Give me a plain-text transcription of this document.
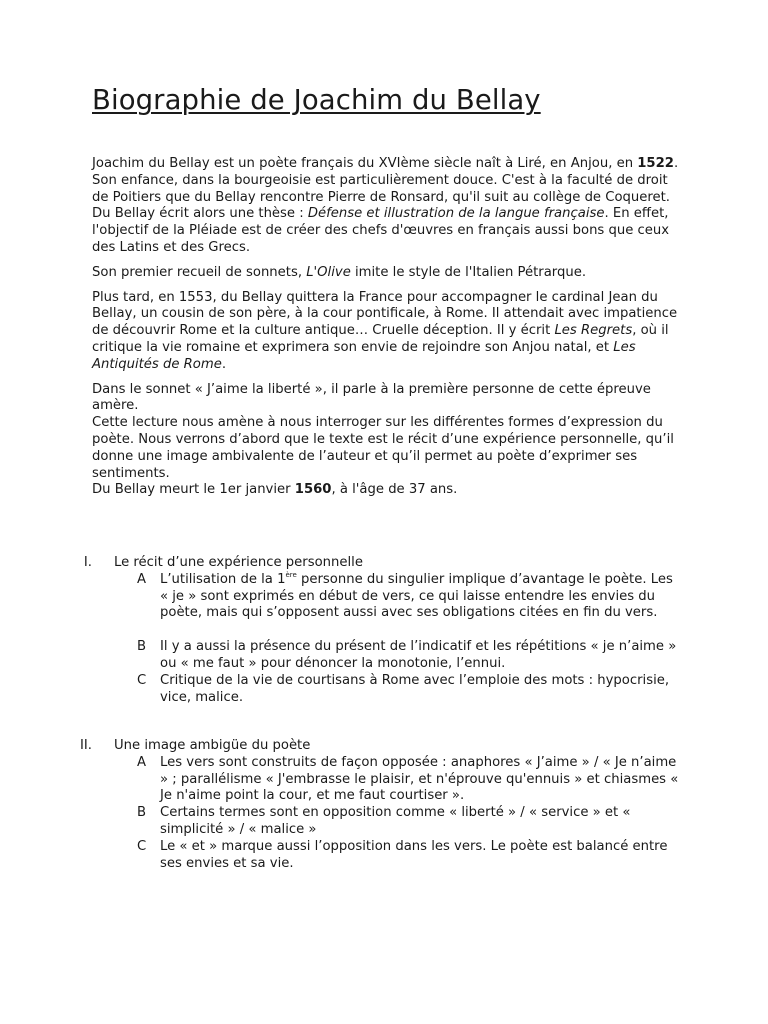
Biographie de Joachim du Bellay

Joachim du Bellay est un poète français du XVIème siècle naît à Liré, en Anjou, en 1522. Son enfance, dans la bourgeoisie est particulièrement douce. C'est à la faculté de droit de Poitiers que du Bellay rencontre Pierre de Ronsard, qu'il suit au collège de Coqueret. Du Bellay écrit alors une thèse : Défense et illustration de la langue française. En effet, l'objectif de la Pléiade est de créer des chefs d'œuvres en français aussi bons que ceux des Latins et des Grecs.

Son premier recueil de sonnets, L'Olive imite le style de l'Italien Pétrarque.

Plus tard, en 1553, du Bellay quittera la France pour accompagner le cardinal Jean du Bellay, un cousin de son père, à la cour pontificale, à Rome. Il attendait avec impatience de découvrir Rome et la culture antique… Cruelle déception. Il y écrit Les Regrets, où il critique la vie romaine et exprimera son envie de rejoindre son Anjou natal, et Les Antiquités de Rome.

Dans le sonnet « J’aime la liberté », il parle à la première personne de cette épreuve amère.

Cette lecture nous amène à nous interroger sur les différentes formes d’expression du poète. Nous verrons d’abord que le texte est le récit d’une expérience personnelle, qu’il donne une image ambivalente de l’auteur et qu’il permet au poète d’exprimer ses sentiments.

Du Bellay meurt le 1er janvier 1560, à l'âge de 37 ans.

I. Le récit d’une expérience personnelle
A L’utilisation de la 1ère personne du singulier implique d’avantage le poète. Les « je » sont exprimés en début de vers, ce qui laisse entendre les envies du poète, mais qui s’opposent aussi avec ses obligations citées en fin du vers.
B Il y a aussi la présence du présent de l’indicatif et les répétitions « je n’aime » ou « me faut » pour dénoncer la monotonie, l’ennui.
C Critique de la vie de courtisans à Rome avec l’emploie des mots : hypocrisie, vice, malice.
II. Une image ambigüe du poète
A Les vers sont construits de façon opposée : anaphores « J’aime » / « Je n’aime » ; parallélisme « J'embrasse le plaisir, et n'éprouve qu'ennuis » et chiasmes « Je n'aime point la cour, et me faut courtiser ».
B Certains termes sont en opposition comme « liberté » / « service » et « simplicité » / « malice »
C Le « et » marque aussi l’opposition dans les vers. Le poète est balancé entre ses envies et sa vie.
